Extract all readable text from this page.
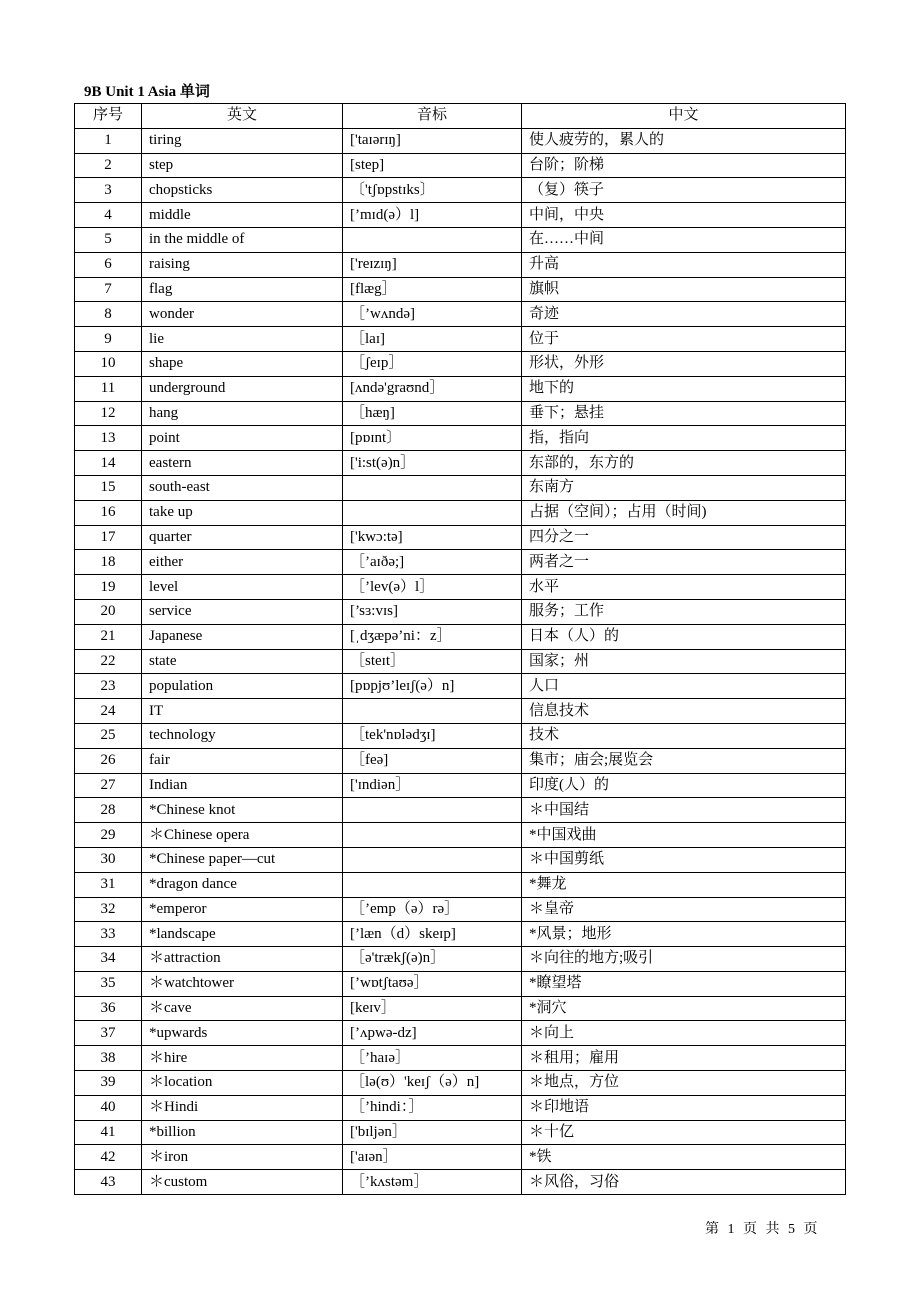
9B Unit 1 Asia 单词
序号	英文	音标	中文
1	tiring	['taɪərɪŋ]	使人疲劳的，累人的
2	step	[step]	台阶；阶梯
3	chopsticks	〔'tʃɒpstɪks〕	（复）筷子
4	middle	[’mɪd(ə）l]	中间，中央
5	in the middle of		在……中间
6	raising	['reɪzɪŋ]	升高
7	flag	[flæg］	旗帜
8	wonder	［’wʌndə]	奇迹
9	lie	［laɪ]	位于
10	shape	［ʃeɪp］	形状，外形
11	underground	[ʌndə'graʊnd］	地下的
12	hang	［hæŋ]	垂下；悬挂
13	point	[pɒɪnt〕	指，指向
14	eastern	['i:st(ə)n］	东部的，东方的
15	south-east		东南方
16	take up		占据（空间）；占用（时间)
17	quarter	['kwɔ:tə]	四分之一
18	either	［’aɪðə;]	两者之一
19	level	［’lev(ə）l］	水平
20	service	[’sɜ:vɪs]	服务；工作
21	Japanese	[ˌdʒæpə’ni：z］	日本（人）的
22	state	［steɪt］	国家；州
23	population	[pɒpjʊ’leɪʃ(ə）n]	人口
24	IT		信息技术
25	technology	［tek'nɒlədʒɪ]	技术
26	fair	［feə]	集市；庙会;展览会
27	Indian	['ɪndiən］	印度(人）的
28	*Chinese knot		＊中国结
29	＊Chinese opera		*中国戏曲
30	*Chinese paper—cut		＊中国剪纸
31	*dragon dance		*舞龙
32	*emperor	［’emp（ə）rə］	＊皇帝
33	*landscape	[’læn（d）skeɪp]	*风景；地形
34	＊attraction	［ə'trækʃ(ə)n］	＊向往的地方;吸引
35	＊watchtower	[’wɒtʃtaʊə］	*瞭望塔
36	＊cave	[keɪv］	*洞穴
37	*upwards	[’ʌpwə-dz]	＊向上
38	＊hire	［’haɪə］	＊租用；雇用
39	＊location	［lə(ʊ）'keɪʃ（ə）n]	＊地点，方位
40	＊Hindi	［’hindi：］	＊印地语
41	*billion	['bɪljən］	＊十亿
42	＊iron	['aɪən］	*铁
43	＊custom	［’kʌstəm］	＊风俗，习俗
第 1 页 共 5 页
